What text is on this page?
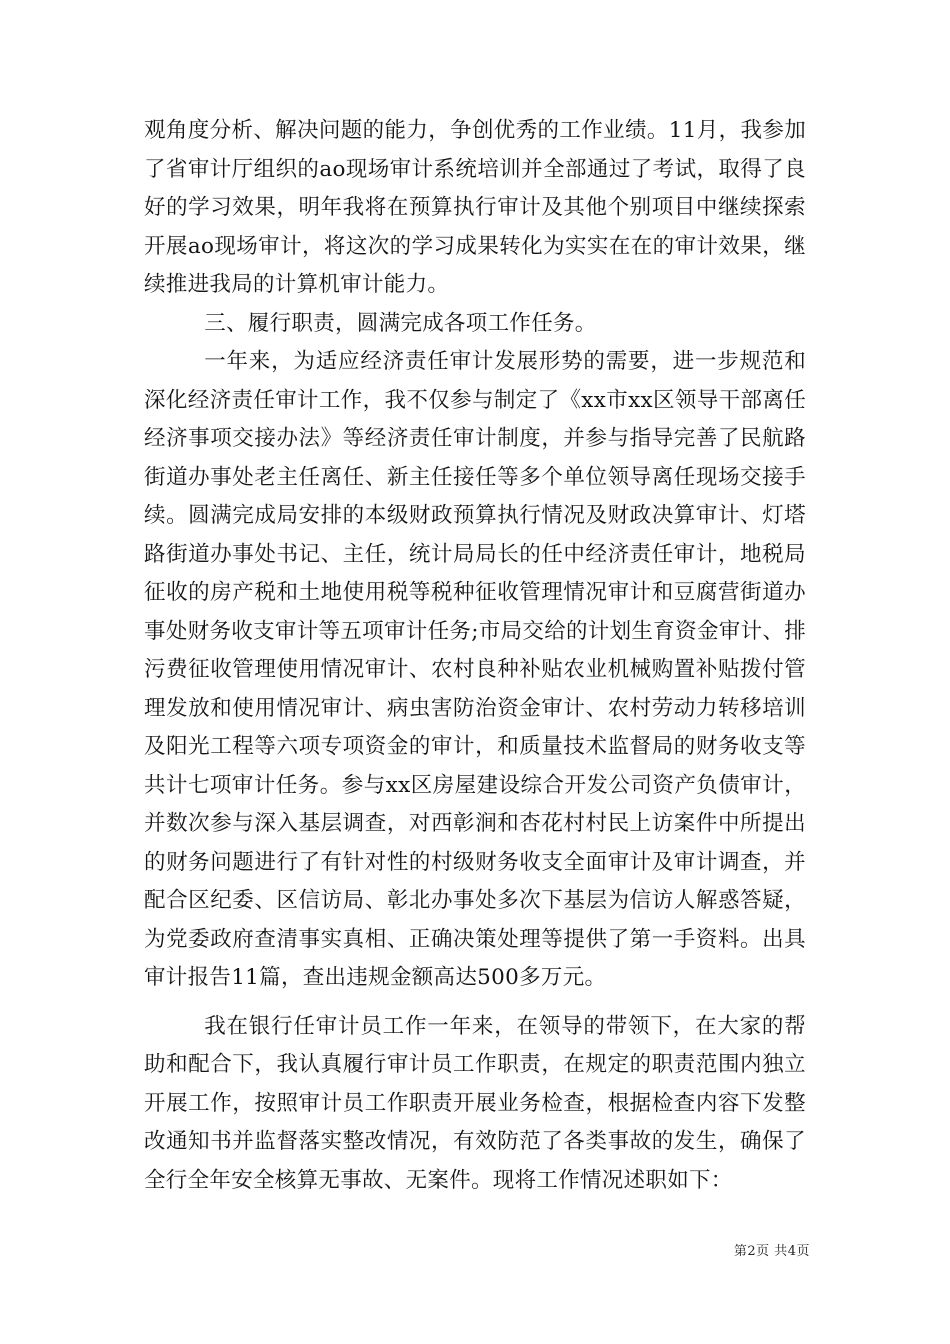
观角度分析、解决问题的能力，争创优秀的工作业绩。11月，我参加了省审计厅组织的ao现场审计系统培训并全部通过了考试，取得了良好的学习效果，明年我将在预算执行审计及其他个别项目中继续探索开展ao现场审计，将这次的学习成果转化为实实在在的审计效果，继续推进我局的计算机审计能力。

三、履行职责，圆满完成各项工作任务。

一年来，为适应经济责任审计发展形势的需要，进一步规范和深化经济责任审计工作，我不仅参与制定了《xx市xx区领导干部离任经济事项交接办法》等经济责任审计制度，并参与指导完善了民航路街道办事处老主任离任、新主任接任等多个单位领导离任现场交接手续。圆满完成局安排的本级财政预算执行情况及财政决算审计、灯塔路街道办事处书记、主任，统计局局长的任中经济责任审计，地税局征收的房产税和土地使用税等税种征收管理情况审计和豆腐营街道办事处财务收支审计等五项审计任务;市局交给的计划生育资金审计、排污费征收管理使用情况审计、农村良种补贴农业机械购置补贴拨付管理发放和使用情况审计、病虫害防治资金审计、农村劳动力转移培训及阳光工程等六项专项资金的审计，和质量技术监督局的财务收支等共计七项审计任务。参与xx区房屋建设综合开发公司资产负债审计，并数次参与深入基层调查，对西彰涧和杏花村村民上访案件中所提出的财务问题进行了有针对性的村级财务收支全面审计及审计调查，并配合区纪委、区信访局、彰北办事处多次下基层为信访人解惑答疑，为党委政府查清事实真相、正确决策处理等提供了第一手资料。出具审计报告11篇，查出违规金额高达500多万元。

我在银行任审计员工作一年来，在领导的带领下，在大家的帮助和配合下，我认真履行审计员工作职责，在规定的职责范围内独立开展工作，按照审计员工作职责开展业务检查，根据检查内容下发整改通知书并监督落实整改情况，有效防范了各类事故的发生，确保了全行全年安全核算无事故、无案件。现将工作情况述职如下：

第2页 共4页
